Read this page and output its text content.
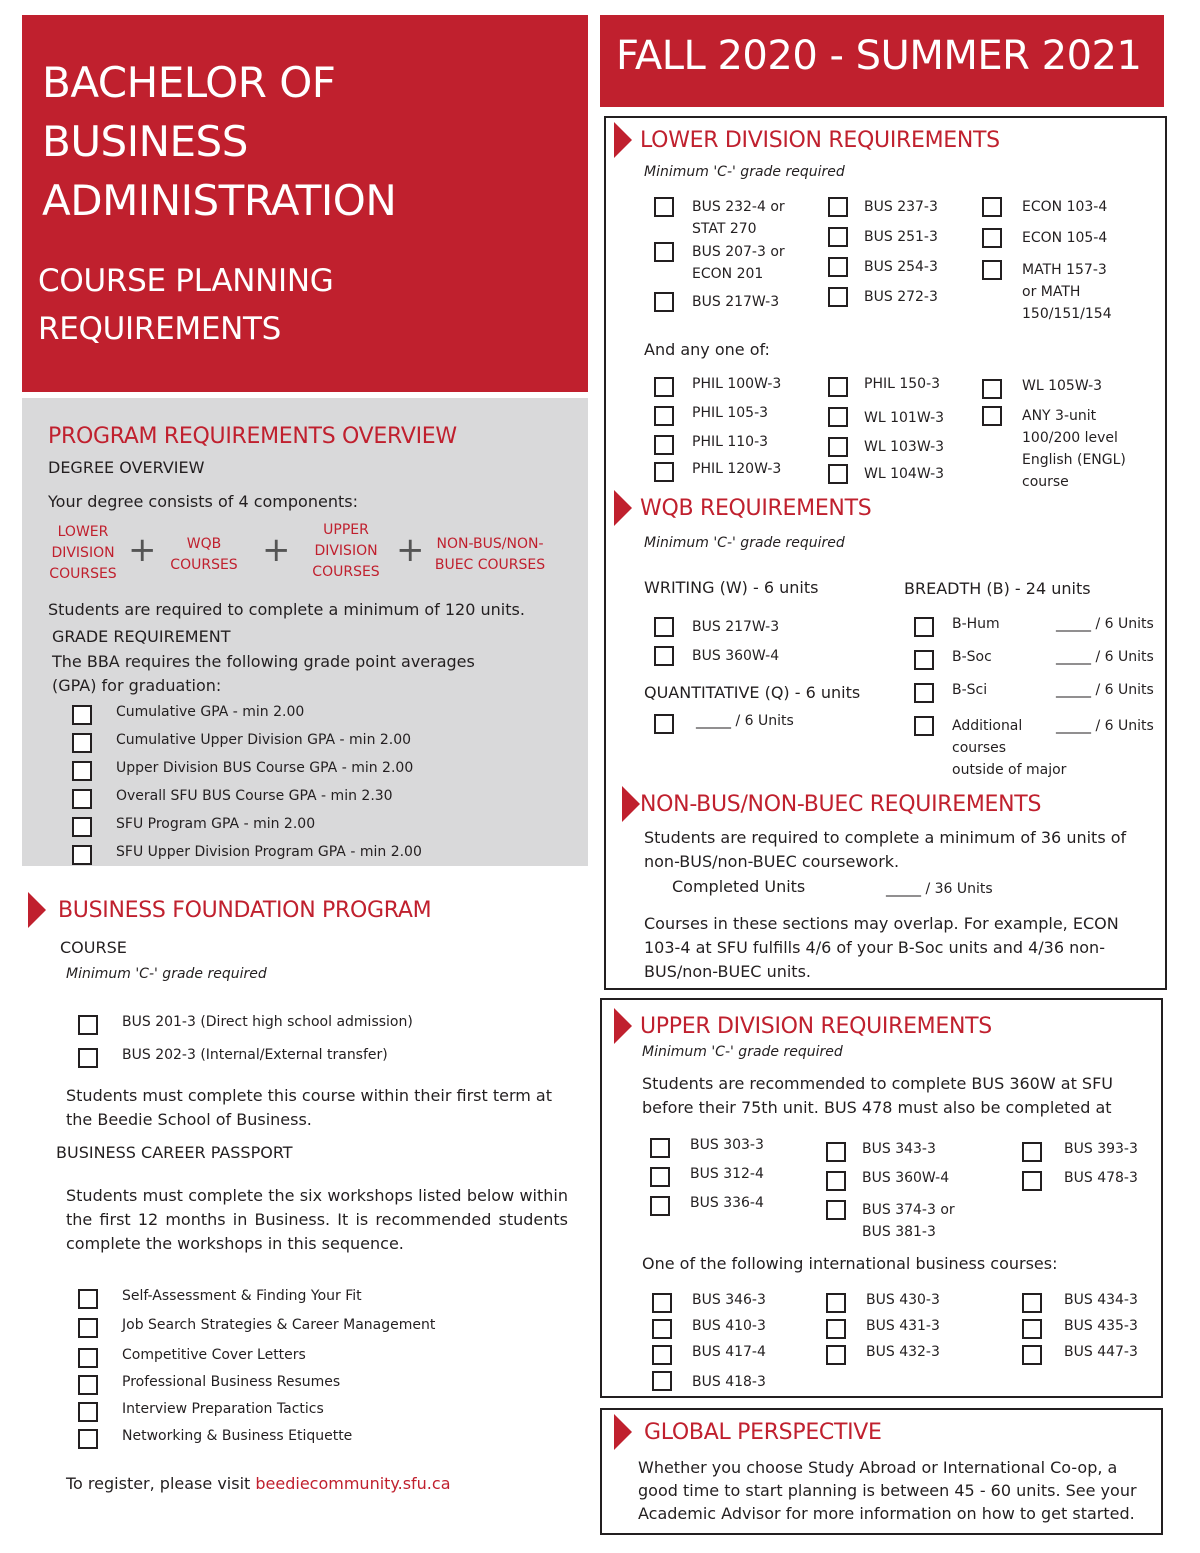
BACHELOR OF
BUSINESS
ADMINISTRATION
COURSE PLANNING
REQUIREMENTS
PROGRAM REQUIREMENTS OVERVIEW
DEGREE OVERVIEW
Your degree consists of 4 components:
LOWER
DIVISION
COURSES
+	WQB
COURSES +	UPPER
DIVISION
COURSES
+ NON-BUS/NON-
BUEC COURSES
Students are required to complete a minimum of 120 units.
GRADE REQUIREMENT
The BBA requires the following grade point averages
(GPA) for graduation:
Cumulative GPA - min 2.00
Cumulative Upper Division GPA - min 2.00
Upper Division BUS Course GPA - min 2.00
Overall SFU BUS Course GPA - min 2.30
SFU Program GPA - min 2.00
SFU Upper Division Program GPA - min 2.00
BUSINESS FOUNDATION PROGRAM
COURSE
Minimum 'C-' grade required
BUS 201-3 (Direct high school admission)
BUS 202-3 (Internal/External transfer)
Students must complete this course within their first term at the Beedie School of Business.
BUSINESS CAREER PASSPORT
Students must complete the six workshops listed below within the first 12 months in Business. It is recommended students complete the workshops in this sequence.
Self-Assessment & Finding Your Fit
Job Search Strategies & Career Management
Competitive Cover Letters
Professional Business Resumes
Interview Preparation Tactics
Networking & Business Etiquette
To register, please visit beediecommunity.sfu.ca
FALL 2020 - SUMMER 2021
LOWER DIVISION REQUIREMENTS
Minimum 'C-' grade required
BUS 232-4 or
STAT 270
BUS 207-3 or
ECON 201
BUS 217W-3
BUS 237-3
BUS 251-3
BUS 254-3
BUS 272-3
ECON 103-4
ECON 105-4
MATH 157-3
or MATH
150/151/154
And any one of:
PHIL 100W-3
PHIL 105-3
PHIL 110-3
PHIL 120W-3
PHIL 150-3
WL 101W-3
WL 103W-3
WL 104W-3
WL 105W-3
ANY 3-unit
100/200 level
English (ENGL)
course
WQB REQUIREMENTS
Minimum 'C-' grade required
WRITING (W) - 6 units
BUS 217W-3
BUS 360W-4
QUANTITATIVE (Q) - 6 units
_____ / 6 Units
BREADTH (B) - 24 units
B-Hum	_____ / 6 Units
B-Soc	_____ / 6 Units
B-Sci	_____ / 6 Units
Additional
courses
outside of major
_____ / 6 Units
NON-BUS/NON-BUEC REQUIREMENTS
Students are required to complete a minimum of 36 units of non-BUS/non-BUEC coursework.
Completed Units	_____ / 36 Units
Courses in these sections may overlap. For example, ECON 103-4 at SFU fulfills 4/6 of your B-Soc units and 4/36 non-BUS/non-BUEC units.
UPPER DIVISION REQUIREMENTS
Minimum 'C-' grade required
Students are recommended to complete BUS 360W at SFU before their 75th unit. BUS 478 must also be completed at
BUS 303-3
BUS 312-4
BUS 336-4
BUS 343-3
BUS 360W-4
BUS 374-3 or
BUS 381-3
BUS 393-3
BUS 478-3
One of the following international business courses:
BUS 346-3
BUS 410-3
BUS 417-4
BUS 418-3
BUS 430-3
BUS 431-3
BUS 432-3
BUS 434-3
BUS 435-3
BUS 447-3
GLOBAL PERSPECTIVE
Whether you choose Study Abroad or International Co-op, a good time to start planning is between 45 - 60 units. See your Academic Advisor for more information on how to get started.
